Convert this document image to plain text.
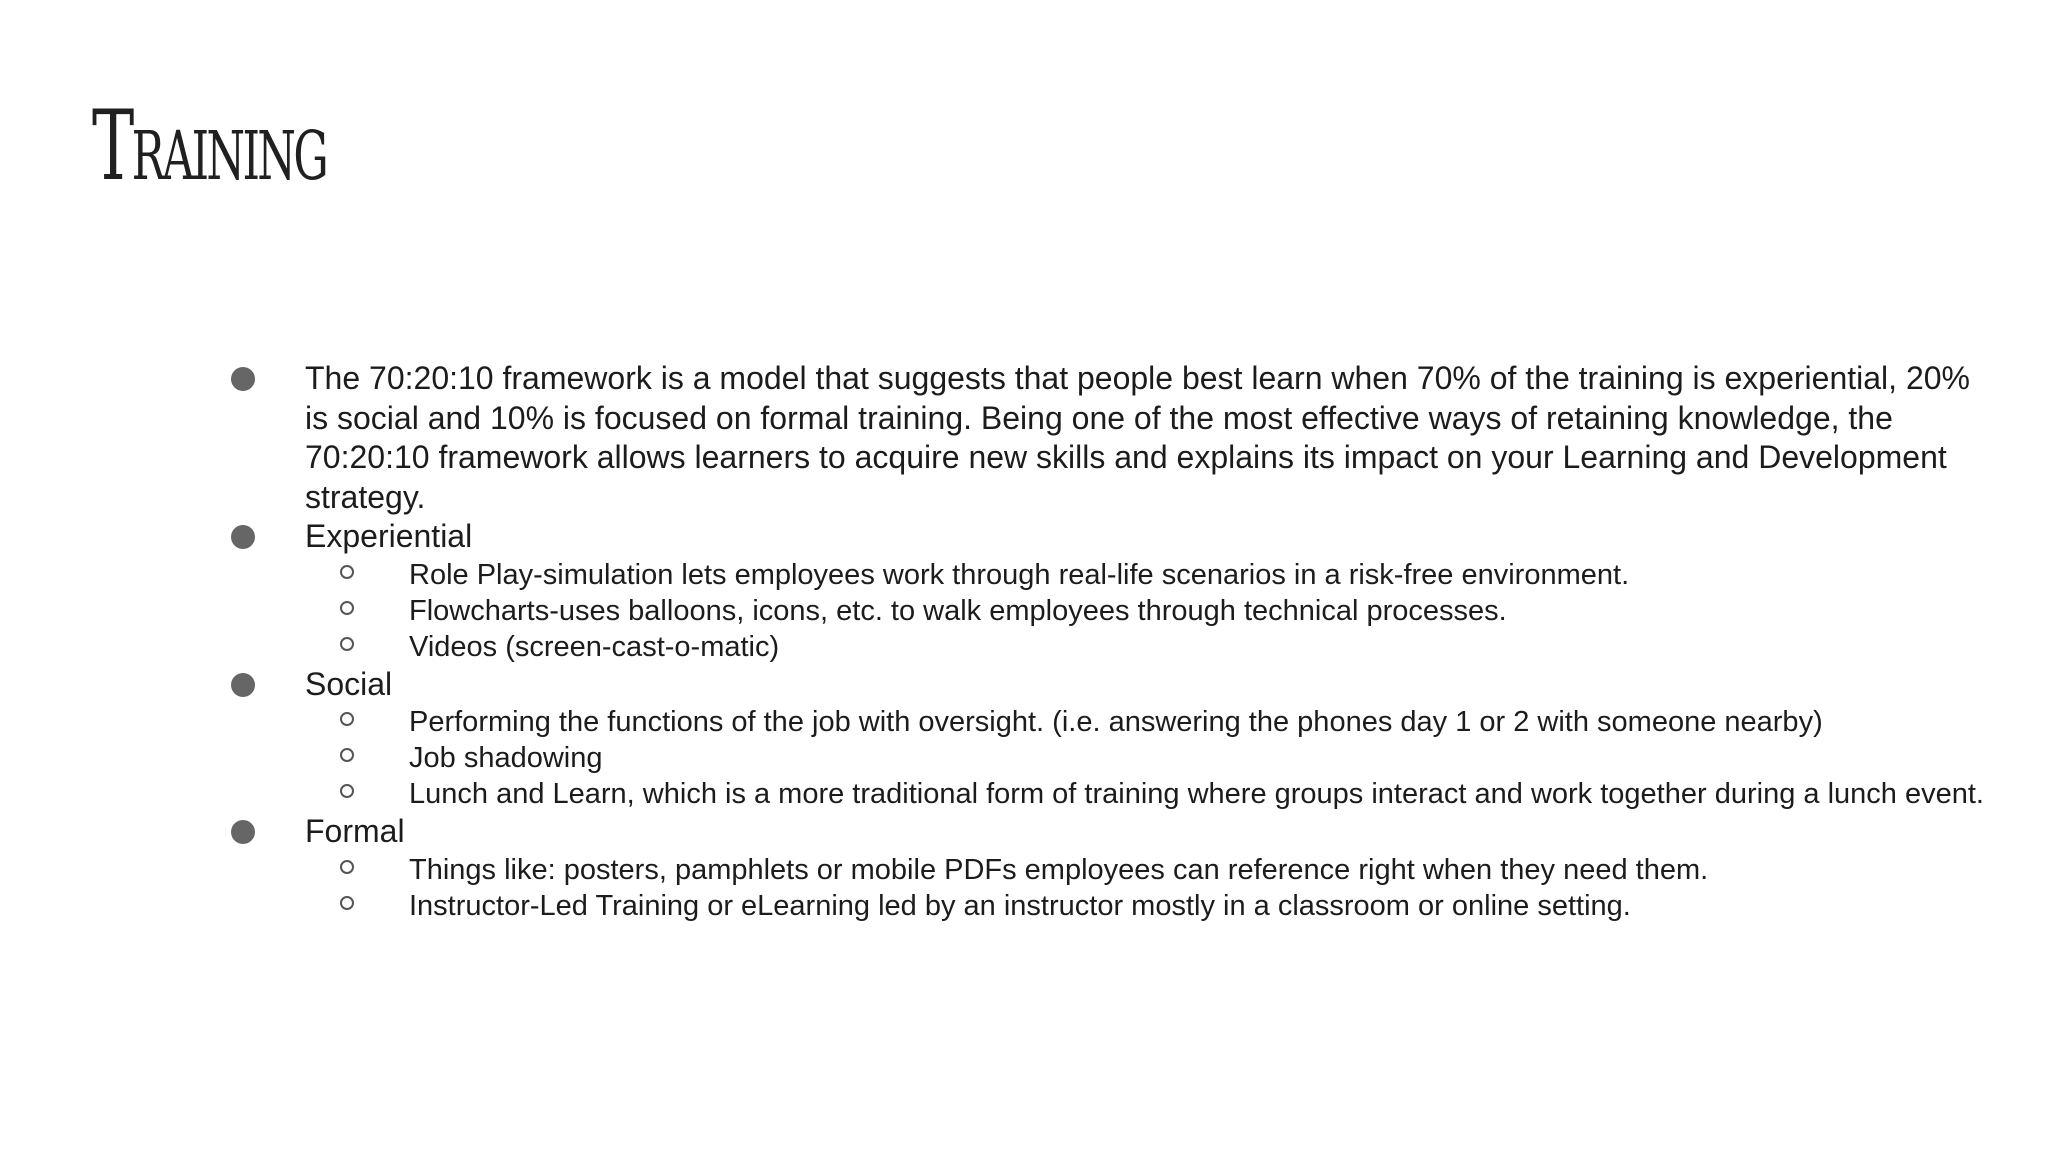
Training
The 70:20:10 framework is a model that suggests that people best learn when 70% of the training is experiential, 20% is social and 10% is focused on formal training. Being one of the most effective ways of retaining knowledge, the 70:20:10 framework allows learners to acquire new skills and explains its impact on your Learning and Development strategy.
Experiential
Role Play-simulation lets employees work through real-life scenarios in a risk-free environment.
Flowcharts-uses balloons, icons, etc. to walk employees through technical processes.
Videos (screen-cast-o-matic)
Social
Performing the functions of the job with oversight. (i.e. answering the phones day 1 or 2 with someone nearby)
Job shadowing
Lunch and Learn, which is a more traditional form of training where groups interact and work together during a lunch event.
Formal
Things like: posters, pamphlets or mobile PDFs employees can reference right when they need them.
Instructor-Led Training or eLearning led by an instructor mostly in a classroom or online setting.
